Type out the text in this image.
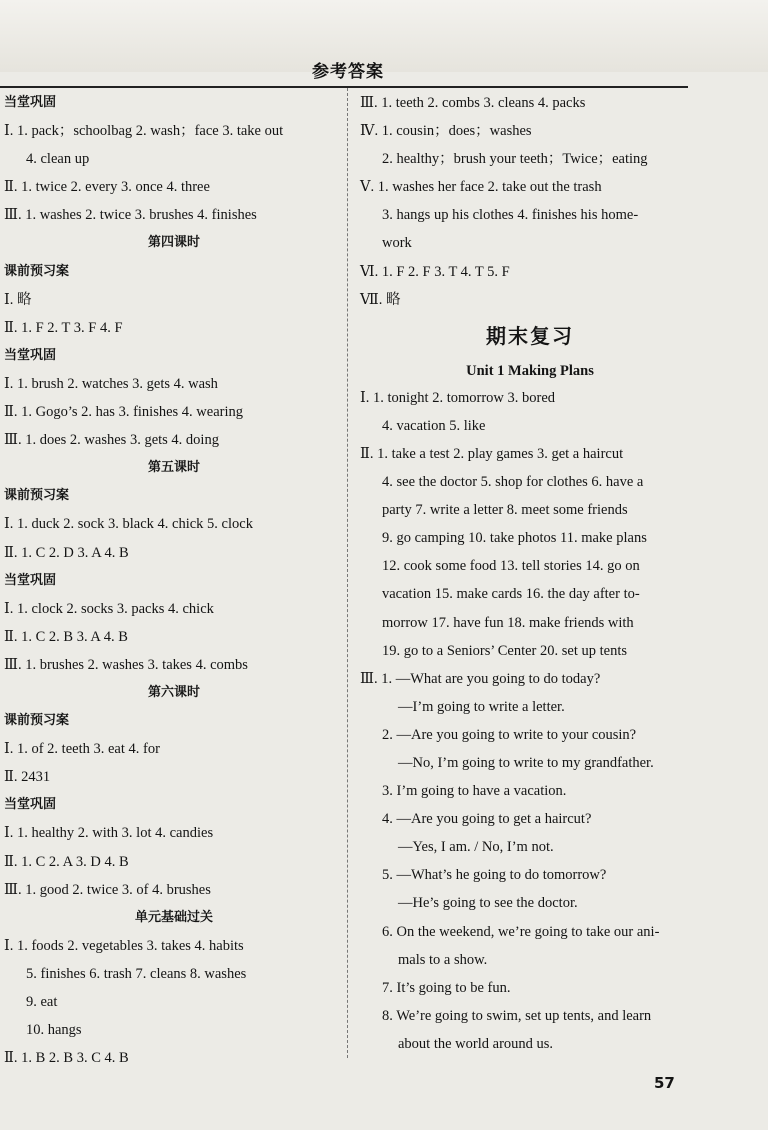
参考答案
当堂巩固
Ⅰ. 1. pack；schoolbag 2. wash；face 3. take out
4. clean up
Ⅱ. 1. twice 2. every 3. once 4. three
Ⅲ. 1. washes 2. twice 3. brushes 4. finishes
第四课时
课前预习案
Ⅰ. 略
Ⅱ. 1. F 2. T 3. F 4. F
当堂巩固
Ⅰ. 1. brush 2. watches 3. gets 4. wash
Ⅱ. 1. Gogo’s 2. has 3. finishes 4. wearing
Ⅲ. 1. does 2. washes 3. gets 4. doing
第五课时
课前预习案
Ⅰ. 1. duck 2. sock 3. black 4. chick 5. clock
Ⅱ. 1. C 2. D 3. A 4. B
当堂巩固
Ⅰ. 1. clock 2. socks 3. packs 4. chick
Ⅱ. 1. C 2. B 3. A 4. B
Ⅲ. 1. brushes 2. washes 3. takes 4. combs
第六课时
课前预习案
Ⅰ. 1. of 2. teeth 3. eat 4. for
Ⅱ. 2431
当堂巩固
Ⅰ. 1. healthy 2. with 3. lot 4. candies
Ⅱ. 1. C 2. A 3. D 4. B
Ⅲ. 1. good 2. twice 3. of 4. brushes
单元基础过关
Ⅰ. 1. foods 2. vegetables 3. takes 4. habits
5. finishes 6. trash 7. cleans 8. washes
9. eat
10. hangs
Ⅱ. 1. B 2. B 3. C 4. B
Ⅲ. 1. teeth 2. combs 3. cleans 4. packs
Ⅳ. 1. cousin；does；washes
2. healthy；brush your teeth；Twice；eating
Ⅴ. 1. washes her face 2. take out the trash
3. hangs up his clothes 4. finishes his home-
work
Ⅵ. 1. F 2. F 3. T 4. T 5. F
Ⅶ. 略
期末复习
Unit 1 Making Plans
Ⅰ. 1. tonight 2. tomorrow 3. bored
4. vacation 5. like
Ⅱ. 1. take a test 2. play games 3. get a haircut
4. see the doctor 5. shop for clothes 6. have a
party 7. write a letter 8. meet some friends
9. go camping 10. take photos 11. make plans
12. cook some food 13. tell stories 14. go on
vacation 15. make cards 16. the day after to-
morrow 17. have fun 18. make friends with
19. go to a Seniors’ Center 20. set up tents
Ⅲ. 1. —What are you going to do today?
—I’m going to write a letter.
2. —Are you going to write to your cousin?
—No, I’m going to write to my grandfather.
3. I’m going to have a vacation.
4. —Are you going to get a haircut?
—Yes, I am. / No, I’m not.
5. —What’s he going to do tomorrow?
—He’s going to see the doctor.
6. On the weekend, we’re going to take our ani-
mals to a show.
7. It’s going to be fun.
8. We’re going to swim, set up tents, and learn
about the world around us.
57
